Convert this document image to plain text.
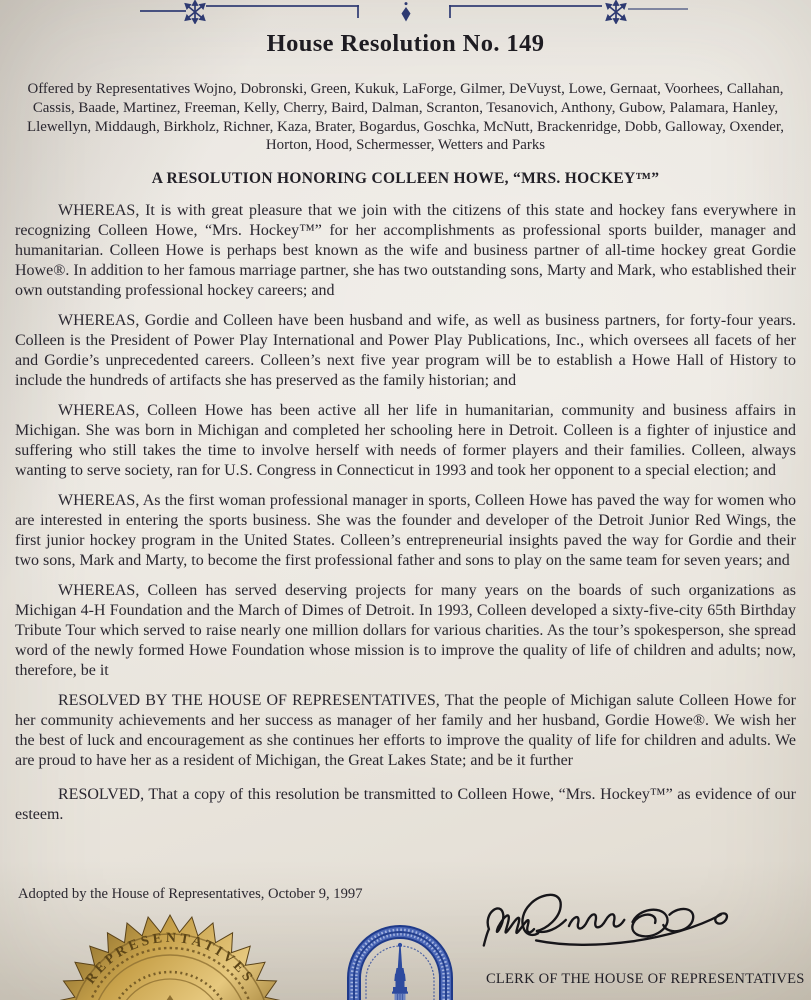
House Resolution No. 149

Offered by Representatives Wojno, Dobronski, Green, Kukuk, LaForge, Gilmer, DeVuyst, Lowe, Gernaat, Voorhees, Callahan, Cassis, Baade, Martinez, Freeman, Kelly, Cherry, Baird, Dalman, Scranton, Tesanovich, Anthony, Gubow, Palamara, Hanley, Llewellyn, Middaugh, Birkholz, Richner, Kaza, Brater, Bogardus, Goschka, McNutt, Brackenridge, Dobb, Galloway, Oxender, Horton, Hood, Schermesser, Wetters and Parks

A RESOLUTION HONORING COLLEEN HOWE, “MRS. HOCKEY™”

WHEREAS, It is with great pleasure that we join with the citizens of this state and hockey fans everywhere in recognizing Colleen Howe, “Mrs. Hockey™” for her accomplishments as professional sports builder, manager and humanitarian. Colleen Howe is perhaps best known as the wife and business partner of all-time hockey great Gordie Howe®. In addition to her famous marriage partner, she has two outstanding sons, Marty and Mark, who established their own outstanding professional hockey careers; and

WHEREAS, Gordie and Colleen have been husband and wife, as well as business partners, for forty-four years. Colleen is the President of Power Play International and Power Play Publications, Inc., which oversees all facets of her and Gordie’s unprecedented careers. Colleen’s next five year program will be to establish a Howe Hall of History to include the hundreds of artifacts she has preserved as the family historian; and

WHEREAS, Colleen Howe has been active all her life in humanitarian, community and business affairs in Michigan. She was born in Michigan and completed her schooling here in Detroit. Colleen is a fighter of injustice and suffering who still takes the time to involve herself with needs of former players and their families. Colleen, always wanting to serve society, ran for U.S. Congress in Connecticut in 1993 and took her opponent to a special election; and

WHEREAS, As the first woman professional manager in sports, Colleen Howe has paved the way for women who are interested in entering the sports business. She was the founder and developer of the Detroit Junior Red Wings, the first junior hockey program in the United States. Colleen’s entrepreneurial insights paved the way for Gordie and their two sons, Mark and Marty, to become the first professional father and sons to play on the same team for seven years; and

WHEREAS, Colleen has served deserving projects for many years on the boards of such organizations as Michigan 4-H Foundation and the March of Dimes of Detroit. In 1993, Colleen developed a sixty-five-city 65th Birthday Tribute Tour which served to raise nearly one million dollars for various charities. As the tour’s spokesperson, she spread word of the newly formed Howe Foundation whose mission is to improve the quality of life of children and adults; now, therefore, be it

RESOLVED BY THE HOUSE OF REPRESENTATIVES, That the people of Michigan salute Colleen Howe for her community achievements and her success as manager of her family and her husband, Gordie Howe®. We wish her the best of luck and encouragement as she continues her efforts to improve the quality of life for children and adults. We are proud to have her as a resident of Michigan, the Great Lakes State; and be it further

RESOLVED, That a copy of this resolution be transmitted to Colleen Howe, “Mrs. Hockey™” as evidence of our esteem.

Adopted by the House of Representatives, October 9, 1997
REPRESENTATIVES	CLERK OF THE HOUSE OF REPRESENTATIVES
